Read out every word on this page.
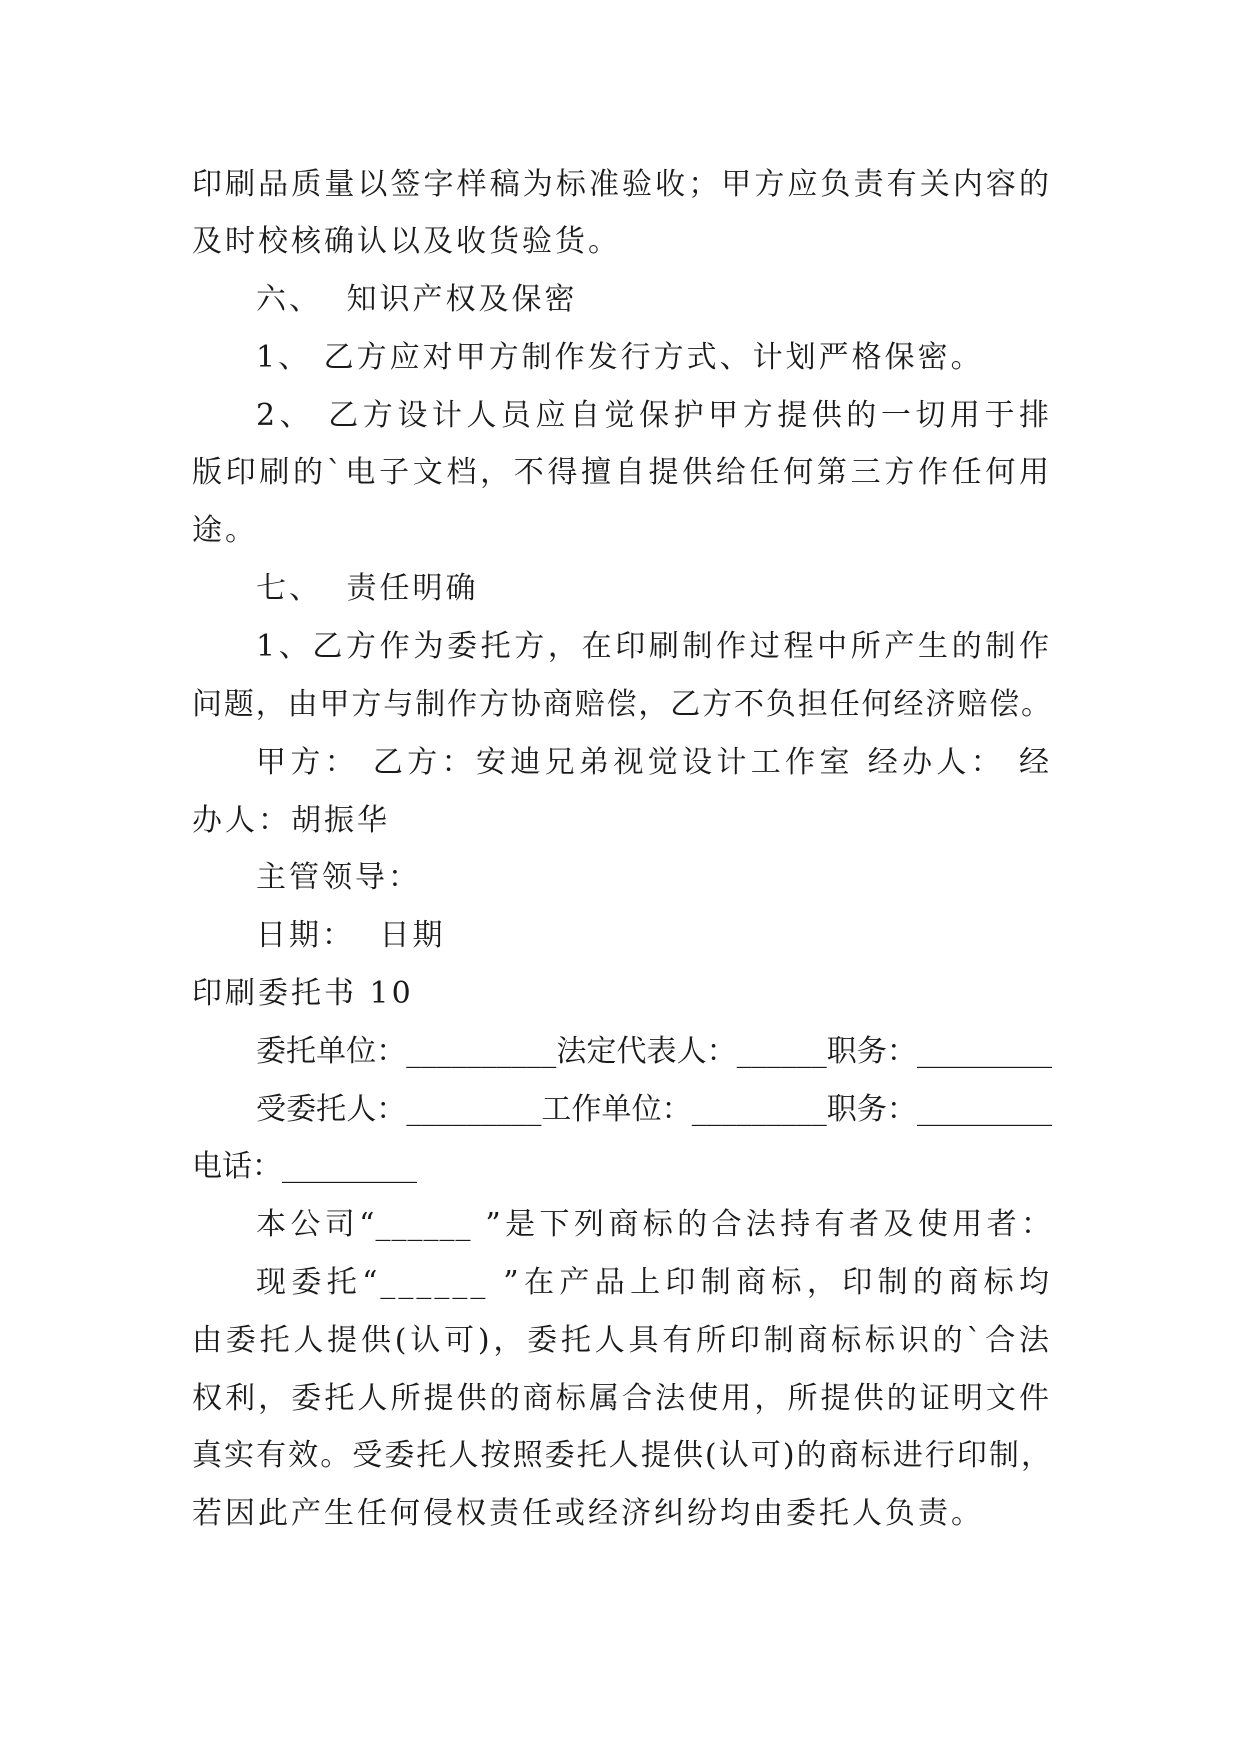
印刷品质量以签字样稿为标准验收；甲方应负责有关内容的
及时校核确认以及收货验货。
六、 知识产权及保密
1、 乙方应对甲方制作发行方式、计划严格保密。
2、 乙方设计人员应自觉保护甲方提供的一切用于排
版印刷的`电子文档，不得擅自提供给任何第三方作任何用
途。
七、 责任明确
1、乙方作为委托方，在印刷制作过程中所产生的制作
问题，由甲方与制作方协商赔偿，乙方不负担任何经济赔偿。
甲方： 乙方：安迪兄弟视觉设计工作室 经办人： 经
办人：胡振华
主管领导：
日期： 日期
印刷委托书 10
委托单位：__________法定代表人：______职务：_________
受委托人：_________工作单位：_________职务：_________
电话：_________
本公司“______ ”是下列商标的合法持有者及使用者：
现委托“______ ”在产品上印制商标，印制的商标均
由委托人提供(认可)，委托人具有所印制商标标识的`合法
权利，委托人所提供的商标属合法使用，所提供的证明文件
真实有效。受委托人按照委托人提供(认可)的商标进行印制，
若因此产生任何侵权责任或经济纠纷均由委托人负责。
